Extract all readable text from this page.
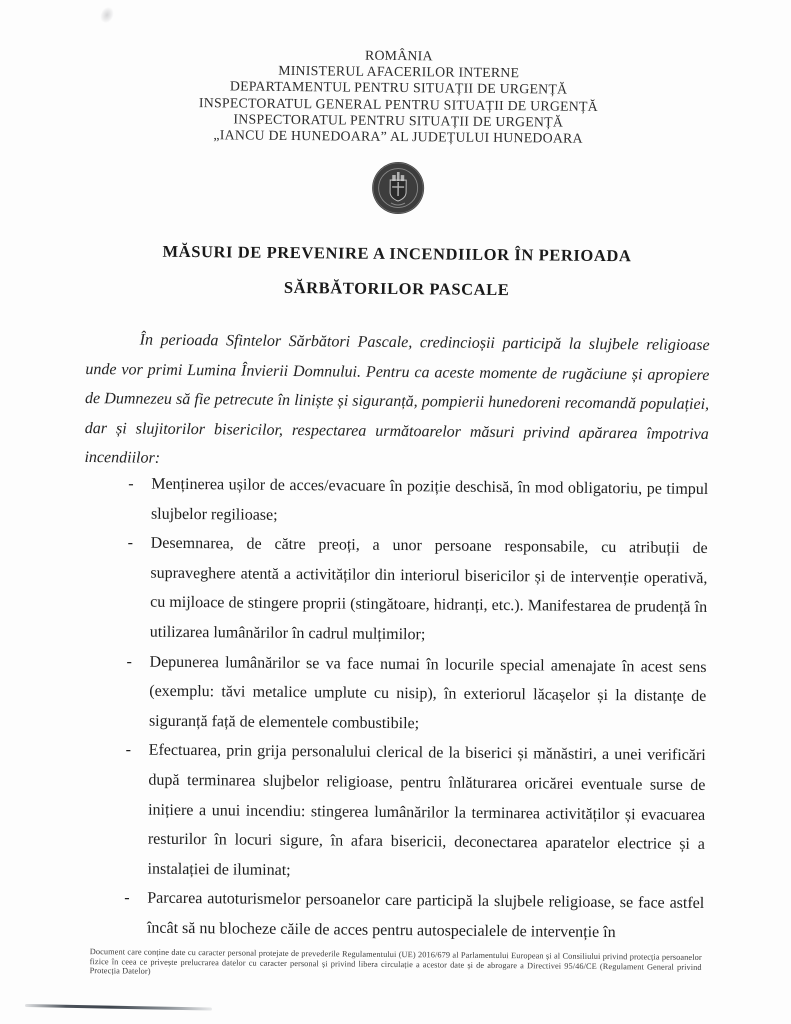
ROMÂNIA
MINISTERUL AFACERILOR INTERNE
DEPARTAMENTUL PENTRU SITUAȚII DE URGENȚĂ
INSPECTORATUL GENERAL PENTRU SITUAȚII DE URGENȚĂ
INSPECTORATUL PENTRU SITUAȚII DE URGENȚĂ
„IANCU DE HUNEDOARA” AL JUDEȚULUI HUNEDOARA
MĂSURI DE PREVENIRE A INCENDIILOR ÎN PERIOADA
SĂRBĂTORILOR PASCALE

În perioada Sfintelor Sărbători Pascale, credincioșii participă la slujbele religioase unde vor primi Lumina Învierii Domnului. Pentru ca aceste momente de rugăciune și apropiere de Dumnezeu să fie petrecute în liniște și siguranță, pompierii hunedoreni recomandă populației, dar și slujitorilor bisericilor, respectarea următoarelor măsuri privind apărarea împotriva incendiilor:

- Menținerea ușilor de acces/evacuare în poziție deschisă, în mod obligatoriu, pe timpul slujbelor regilioase;
- Desemnarea, de către preoți, a unor persoane responsabile, cu atribuții de supraveghere atentă a activităților din interiorul bisericilor și de intervenție operativă, cu mijloace de stingere proprii (stingătoare, hidranți, etc.). Manifestarea de prudență în utilizarea lumânărilor în cadrul mulțimilor;
- Depunerea lumânărilor se va face numai în locurile special amenajate în acest sens (exemplu: tăvi metalice umplute cu nisip), în exteriorul lăcașelor și la distanțe de siguranță față de elementele combustibile;
- Efectuarea, prin grija personalului clerical de la biserici și mănăstiri, a unei verificări după terminarea slujbelor religioase, pentru înlăturarea oricărei eventuale surse de inițiere a unui incendiu: stingerea lumânărilor la terminarea activităților și evacuarea resturilor în locuri sigure, în afara bisericii, deconectarea aparatelor electrice și a instalației de iluminat;
- Parcarea autoturismelor persoanelor care participă la slujbele religioase, se face astfel încât să nu blocheze căile de acces pentru autospecialele de intervenție în
Document care conține date cu caracter personal protejate de prevederile Regulamentului (UE) 2016/679 al Parlamentului European și al Consiliului privind protecția persoanelor fizice în ceea ce privește prelucrarea datelor cu caracter personal și privind libera circulație a acestor date și de abrogare a Directivei 95/46/CE (Regulament General privind Protecția Datelor)
